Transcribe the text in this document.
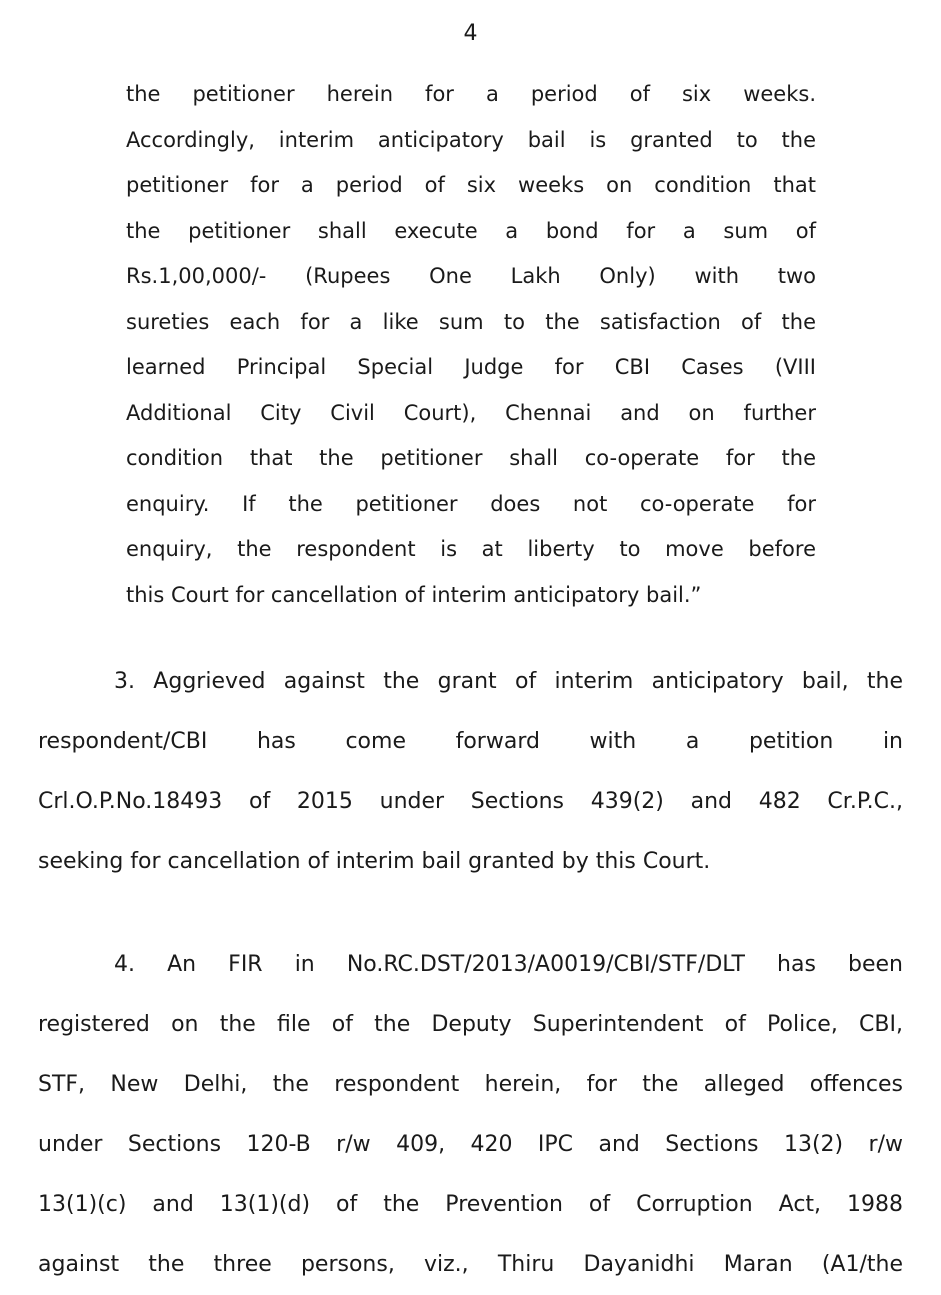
4
the petitioner herein for a period of six weeks.
Accordingly, interim anticipatory bail is granted to the
petitioner for a period of six weeks on condition that
the petitioner shall execute a bond for a sum of
Rs.1,00,000/- (Rupees One Lakh Only) with two
sureties each for a like sum to the satisfaction of the
learned Principal Special Judge for CBI Cases (VIII
Additional City Civil Court), Chennai and on further
condition that the petitioner shall co-operate for the
enquiry. If the petitioner does not co-operate for
enquiry, the respondent is at liberty to move before
this Court for cancellation of interim anticipatory bail.”
3. Aggrieved against the grant of interim anticipatory bail, the
respondent/CBI has come forward with a petition in
Crl.O.P.No.18493 of 2015 under Sections 439(2) and 482 Cr.P.C.,
seeking for cancellation of interim bail granted by this Court.
4. An FIR in No.RC.DST/2013/A0019/CBI/STF/DLT has been
registered on the file of the Deputy Superintendent of Police, CBI,
STF, New Delhi, the respondent herein, for the alleged offences
under Sections 120-B r/w 409, 420 IPC and Sections 13(2) r/w
13(1)(c) and 13(1)(d) of the Prevention of Corruption Act, 1988
against the three persons, viz., Thiru Dayanidhi Maran (A1/the
